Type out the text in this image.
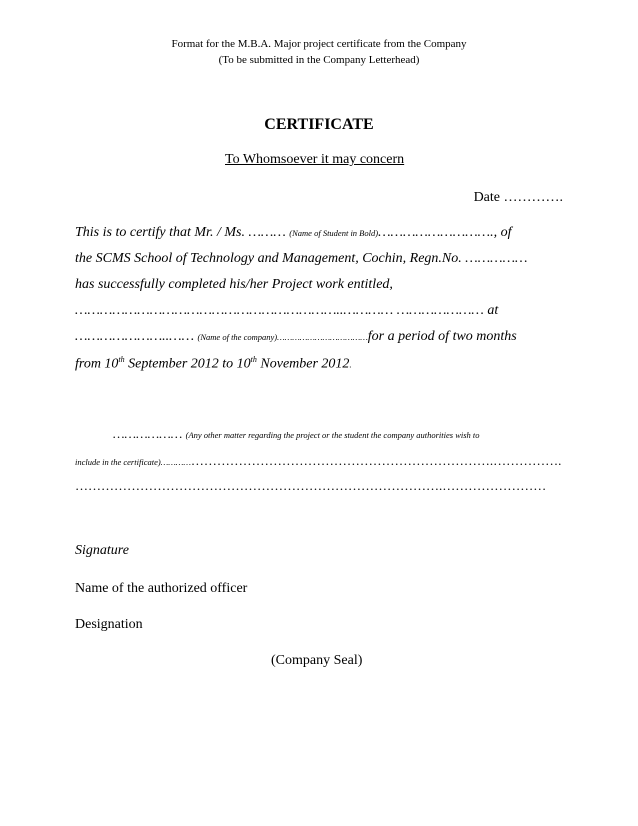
Format for the M.B.A. Major project certificate from the Company
(To be submitted in the Company Letterhead)
CERTIFICATE
To Whomsoever it may concern
Date ………….
This is to certify that Mr. / Ms. ……… (Name of Student in Bold)………………………., of
the SCMS School of Technology and Management, Cochin, Regn.No. ……………
has successfully completed his/her Project work entitled,
………………………………………………………..………… ………………… at
…………………..…… (Name of the company)………………………………for a period of two months
from 10th September 2012 to 10th November 2012.
……………… (Any other matter regarding the project or the student the company authorities wish to
include in the certificate)……………………………………………………………………….…………….
………………………………………………………………………….……………………
Signature
Name of the authorized officer
Designation
(Company Seal)
